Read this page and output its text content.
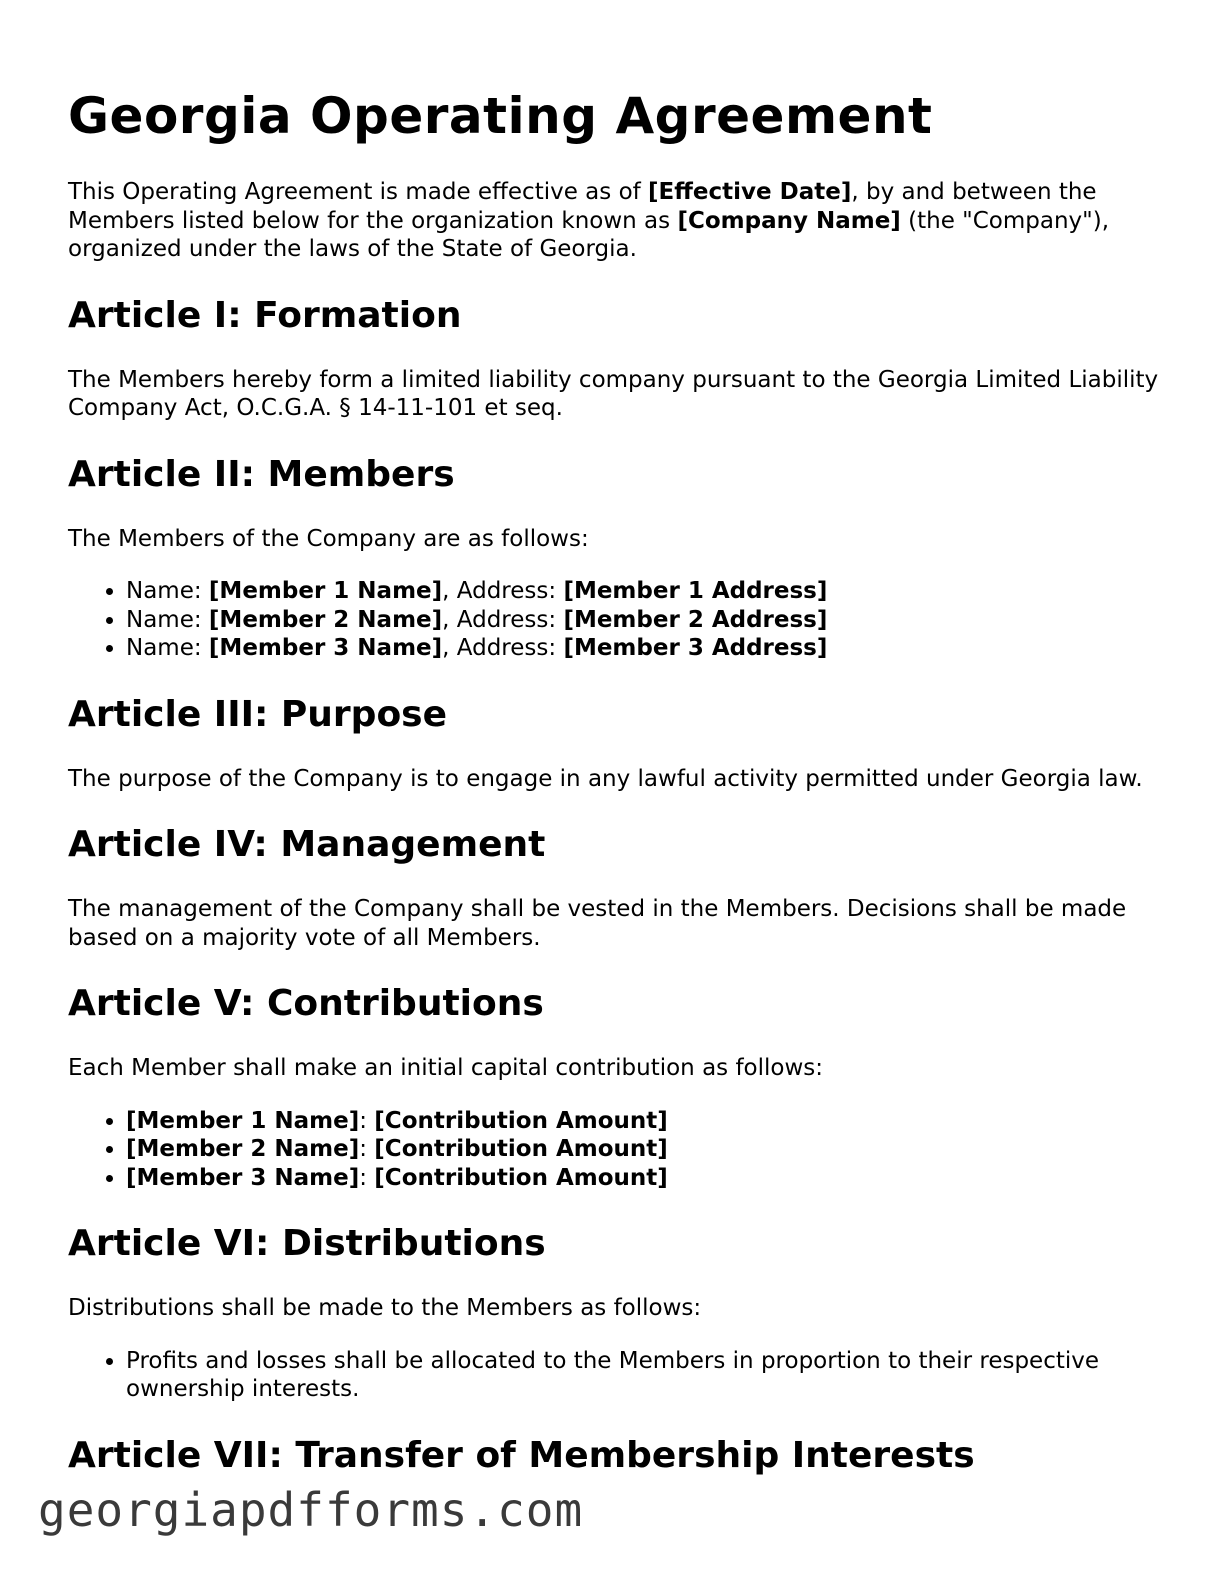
Georgia Operating Agreement

This Operating Agreement is made effective as of [Effective Date], by and between the Members listed below for the organization known as [Company Name] (the "Company"), organized under the laws of the State of Georgia.

Article I: Formation

The Members hereby form a limited liability company pursuant to the Georgia Limited Liability Company Act, O.C.G.A. § 14-11-101 et seq.

Article II: Members

The Members of the Company are as follows:

• Name: [Member 1 Name], Address: [Member 1 Address]
• Name: [Member 2 Name], Address: [Member 2 Address]
• Name: [Member 3 Name], Address: [Member 3 Address]
Article III: Purpose

The purpose of the Company is to engage in any lawful activity permitted under Georgia law.

Article IV: Management

The management of the Company shall be vested in the Members. Decisions shall be made based on a majority vote of all Members.

Article V: Contributions

Each Member shall make an initial capital contribution as follows:

• [Member 1 Name]: [Contribution Amount]
• [Member 2 Name]: [Contribution Amount]
• [Member 3 Name]: [Contribution Amount]
Article VI: Distributions

Distributions shall be made to the Members as follows:

• Profits and losses shall be allocated to the Members in proportion to their respective ownership interests.
Article VII: Transfer of Membership Interests
georgiapdfforms.com
